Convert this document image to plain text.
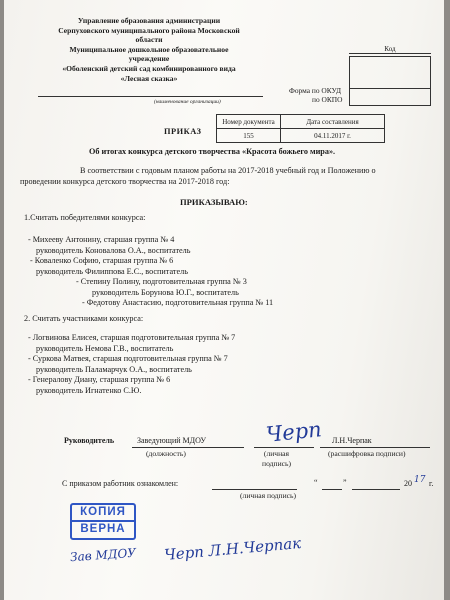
Управление образования администрации
Серпуховского муниципального района Московской
области
Муниципальное дошкольное образовательное
учреждение
«Оболенский детский сад комбинированного вида
«Лесная сказка»
(наименование организации)
Код
Форма по ОКУД
по ОКПО
ПРИКАЗ
Номер документа	Дата составления
155	04.11.2017 г.
Об итогах конкурса детского творчества «Красота божьего мира».
В соответствии с годовым планом работы на 2017-2018 учебный год и Положению о
проведении конкурса детского творчества на 2017-2018 год:
ПРИКАЗЫВАЮ:
1.Считать победителями конкурса:
- Михееву Антонину, старшая группа № 4
руководитель Коноваловa О.А., воспитатель
- Коваленко Софию, старшая группа № 6
руководитель Филиппова Е.С., воспитатель
- Степину Полину, подготовительная группа № 3
руководитель Борунова Ю.Г., воспитатель
- Федотову Анастасию, подготовительная группа № 11
2. Считать участниками конкурса:
- Логвинова Елисея, старшая подготовительная группа № 7
руководитель Немова Г.В., воспитатель
- Суркова Матвея, старшая подготовительная группа № 7
руководитель Паламарчук О.А., воспитатель
- Генералову Диану, старшая группа № 6
руководитель Игнатенко С.Ю.
Руководитель	Заведующий МДОУ
(должность)
Черп
(личная
подпись)
Л.Н.Черпак
(расшифровка подписи)
С приказом работник ознакомлен:	“	”	20 17 г.
(личная подпись)
КОПИЯ
ВЕРНА
Зав МДОУ Черп Л.Н.Черпак
